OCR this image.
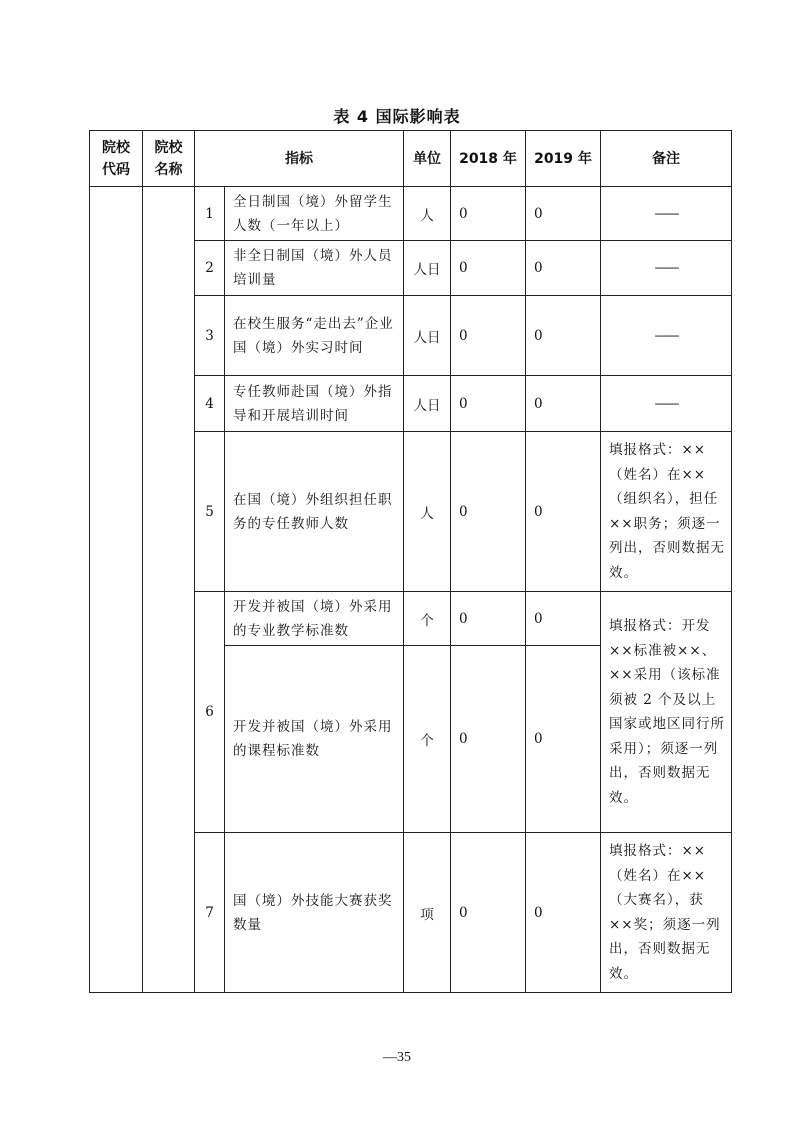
表 4 国际影响表
院校
代码	院校
名称	指标		单位	2018 年	2019 年	备注
		1	全日制国（境）外留学生人数（一年以上）	人	0	0	——
		2	非全日制国（境）外人员培训量	人日	0	0	——
		3	在校生服务“走出去”企业国（境）外实习时间	人日	0	0	——
		4	专任教师赴国（境）外指导和开展培训时间	人日	0	0	——
		5	在国（境）外组织担任职务的专任教师人数	人	0	0	填报格式：××（姓名）在××（组织名），担任××职务；须逐一列出，否则数据无效。
		6	开发并被国（境）外采用的专业教学标准数	个	0	0	填报格式：开发××标准被××、××采用（该标准须被 2 个及以上国家或地区同行所采用）；须逐一列出，否则数据无效。
			开发并被国（境）外采用的课程标准数	个	0	0	
		7	国（境）外技能大赛获奖数量	项	0	0	填报格式：××（姓名）在××（大赛名），获××奖；须逐一列出，否则数据无效。
—35
